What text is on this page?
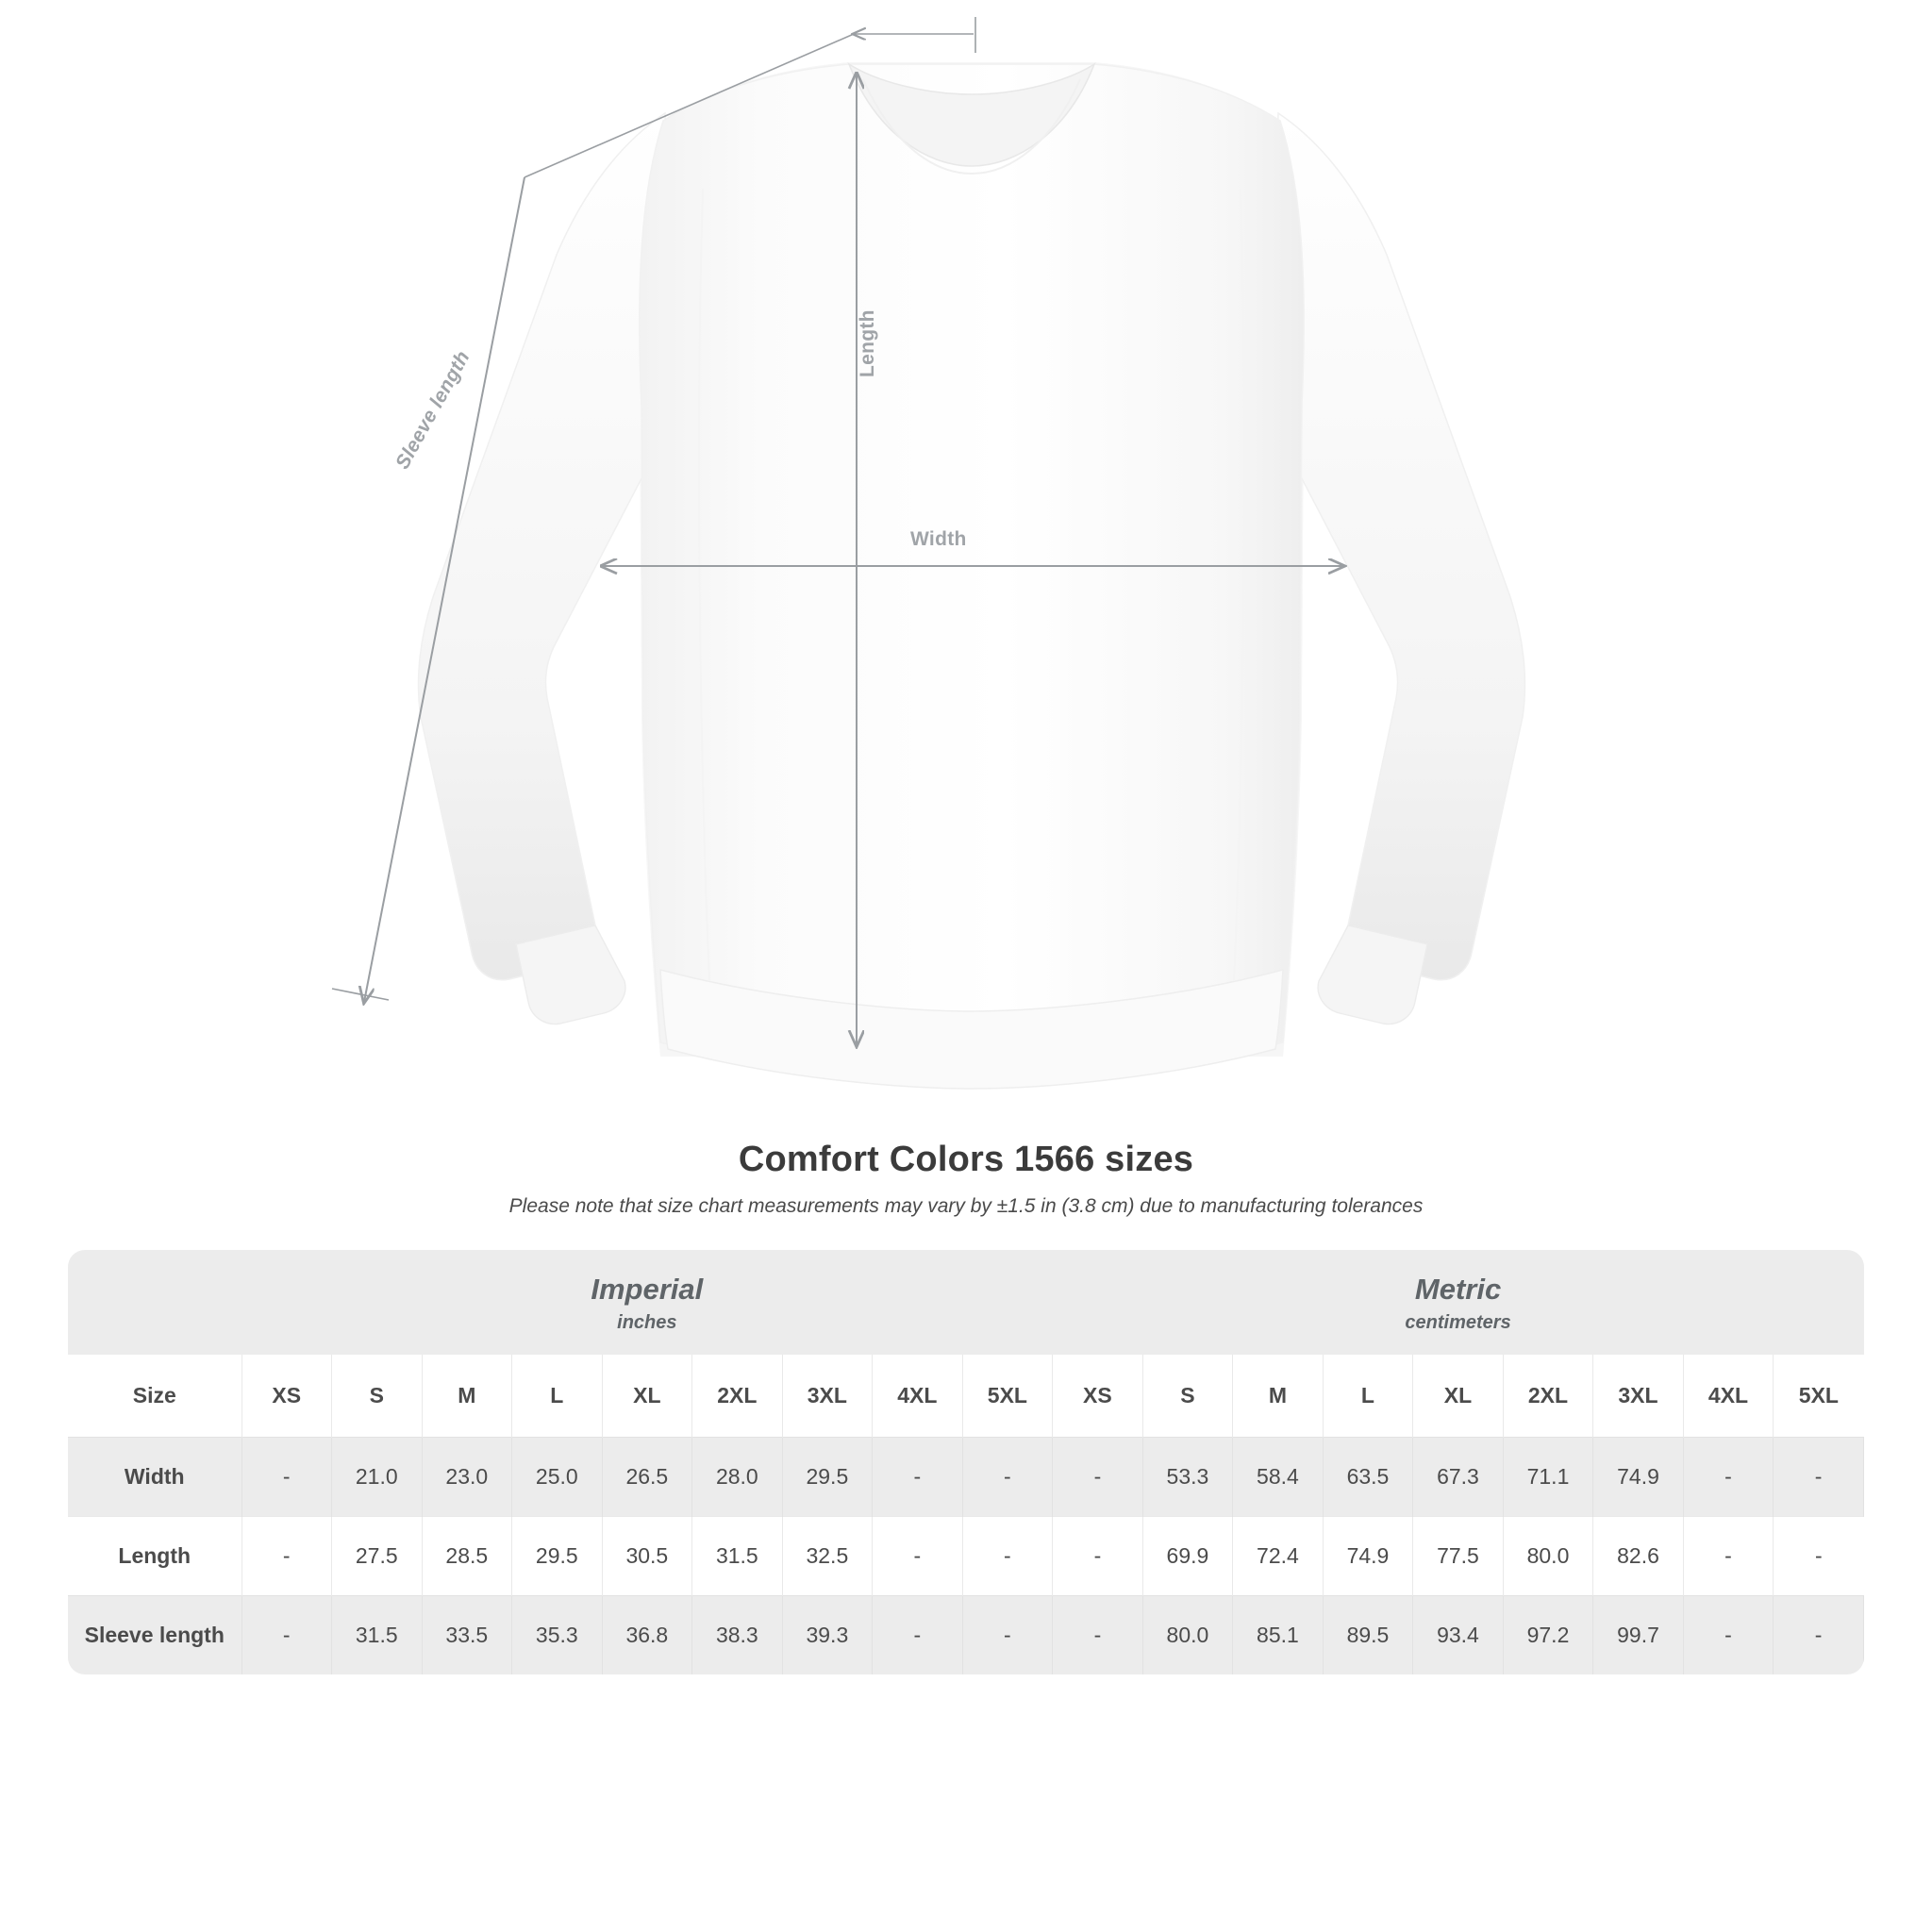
Width
Length
Sleeve length
Comfort Colors 1566 sizes

Please note that size chart measurements may vary by ±1.5 in (3.8 cm) due to manufacturing tolerances

	Imperial
inches									Metric
centimeters								

Size	XS	S	M	L	XL	2XL	3XL	4XL	5XL	XS	S	M	L	XL	2XL	3XL	4XL	5XL
Width	-	21.0	23.0	25.0	26.5	28.0	29.5	-	-	-	53.3	58.4	63.5	67.3	71.1	74.9	-	-
Length	-	27.5	28.5	29.5	30.5	31.5	32.5	-	-	-	69.9	72.4	74.9	77.5	80.0	82.6	-	-
Sleeve length	-	31.5	33.5	35.3	36.8	38.3	39.3	-	-	-	80.0	85.1	89.5	93.4	97.2	99.7	-	-
